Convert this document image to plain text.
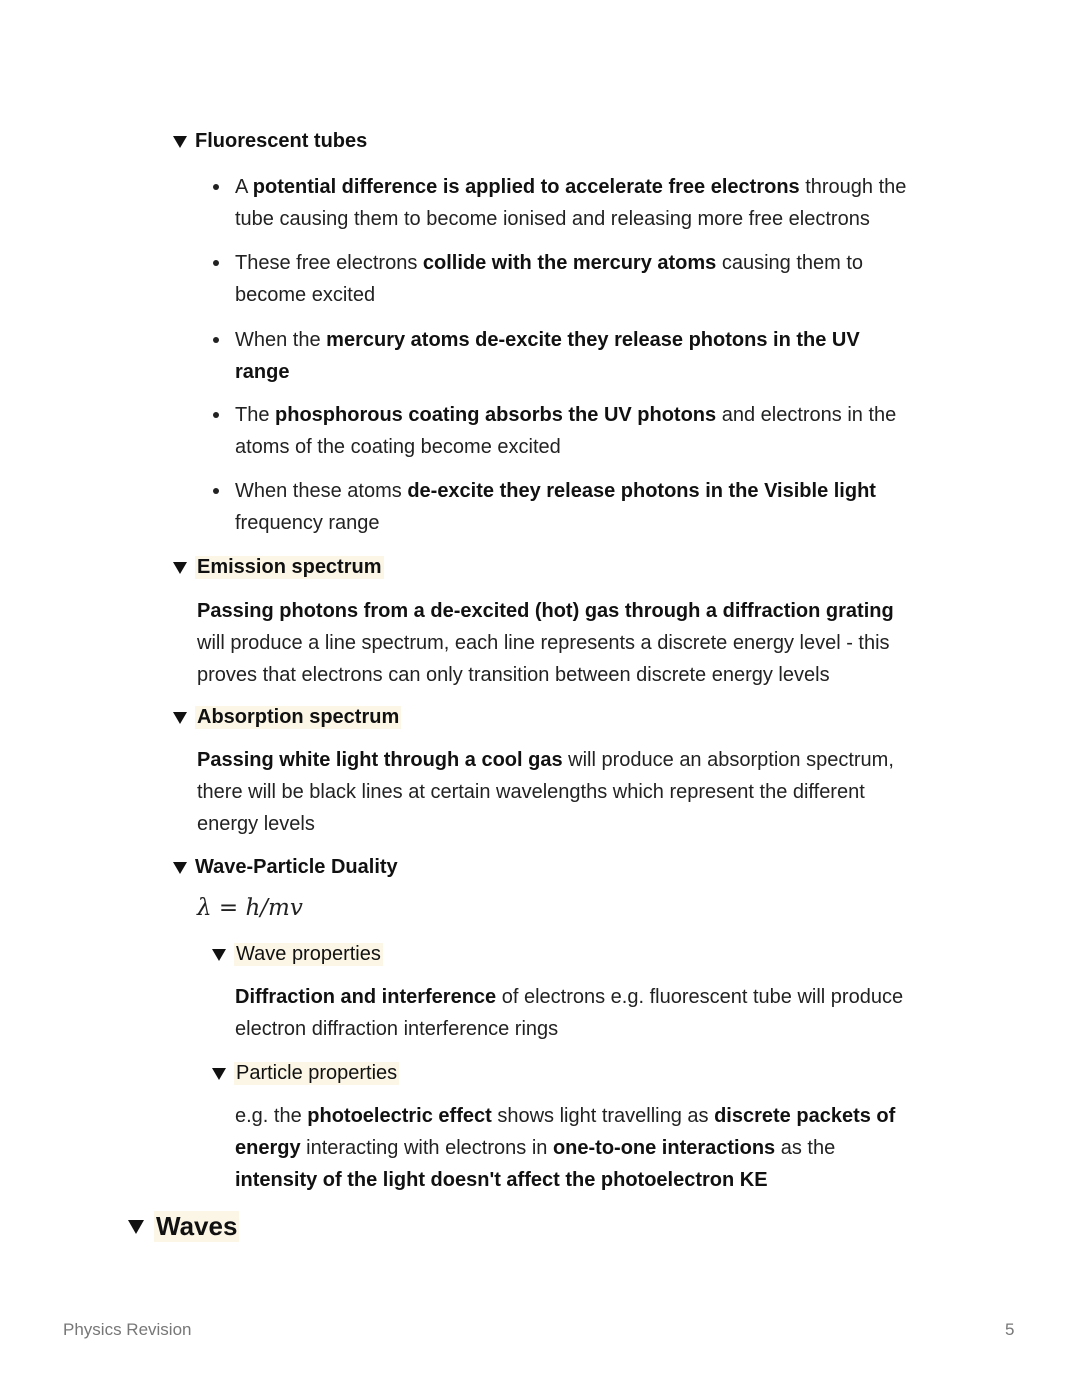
Fluorescent tubes
A potential difference is applied to accelerate free electrons through the
tube causing them to become ionised and releasing more free electrons
These free electrons collide with the mercury atoms causing them to
become excited
When the mercury atoms de-excite they release photons in the UV
range
The phosphorous coating absorbs the UV photons and electrons in the
atoms of the coating become excited
When these atoms de-excite they release photons in the Visible light
frequency range
Emission spectrum
Passing photons from a de-excited (hot) gas through a diffraction grating
will produce a line spectrum, each line represents a discrete energy level - this
proves that electrons can only transition between discrete energy levels
Absorption spectrum
Passing white light through a cool gas will produce an absorption spectrum,
there will be black lines at certain wavelengths which represent the different
energy levels
Wave-Particle Duality
λ = h/mv
Wave properties
Diffraction and interference of electrons e.g. fluorescent tube will produce
electron diffraction interference rings
Particle properties
e.g. the photoelectric effect shows light travelling as discrete packets of
energy interacting with electrons in one-to-one interactions as the
intensity of the light doesn't affect the photoelectron KE
Waves
Physics Revision	5
